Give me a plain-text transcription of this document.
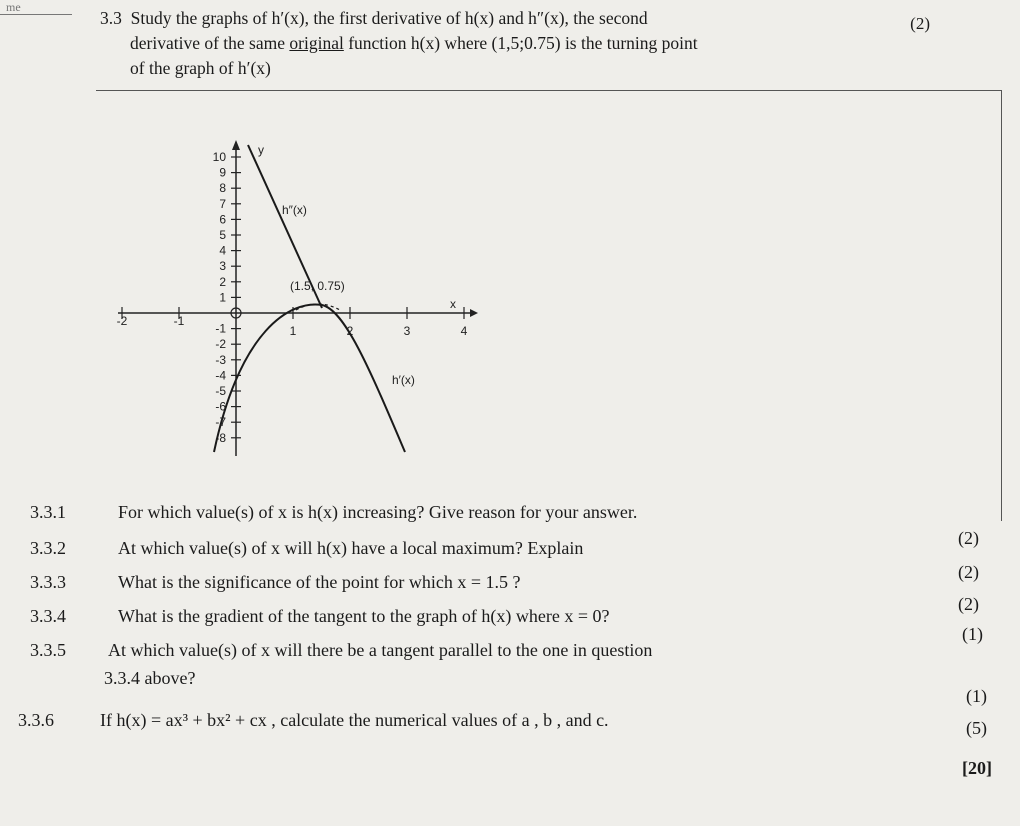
me
(2)
3.3 Study the graphs of h′(x), the first derivative of h(x) and h″(x), the second
derivative of the same original function h(x) where (1,5;0.75) is the turning point
of the graph of h′(x)
y
x
10
9
8
7
6
5
4
3
2
1
-1
-2
-3
-4
-5
-6
-7
-8
-2	-1
1	2	3	4
h″(x)
(1.5, 0.75)
h′(x)
3.3.1	For which value(s) of x is h(x) increasing? Give reason for your answer.
(2)
3.3.2	At which value(s) of x will h(x) have a local maximum? Explain
(2)
3.3.3	What is the significance of the point for which x = 1.5 ?
(2)
3.3.4	What is the gradient of the tangent to the graph of h(x) where x = 0?
(1)
3.3.5 At which value(s) of x will there be a tangent parallel to the one in question
3.3.4 above?
(1)
3.3.6	If h(x) = ax³ + bx² + cx , calculate the numerical values of a , b , and c.	(5)
[20]
